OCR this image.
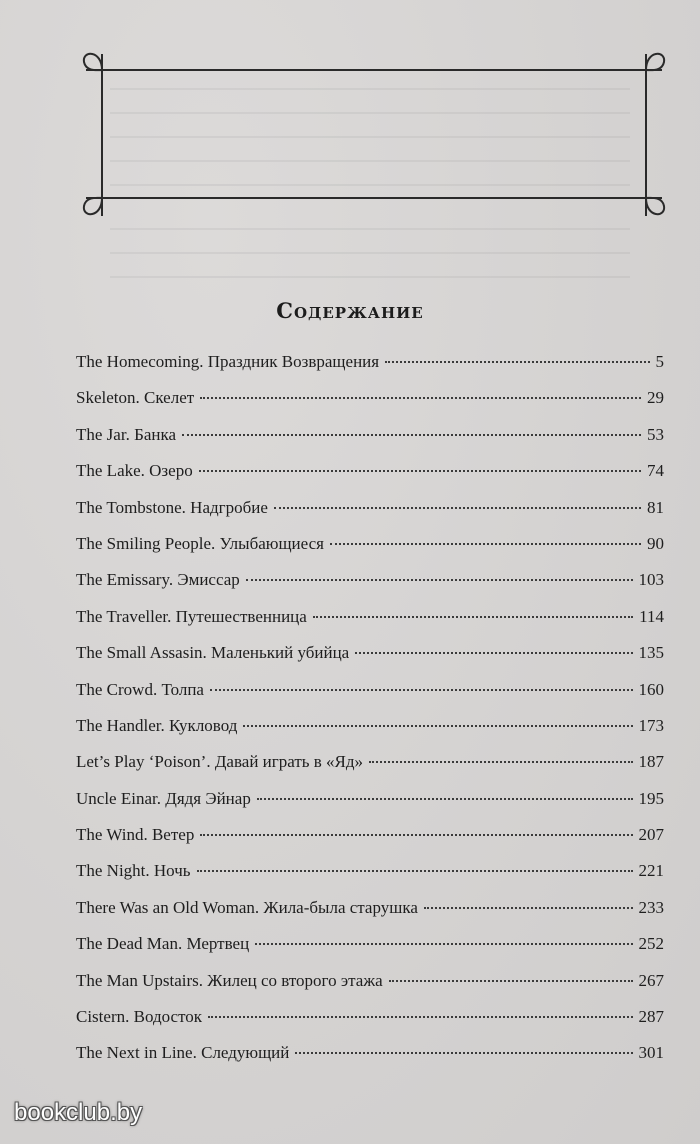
Содержание
The Homecoming. Праздник Возвращения	5
Skeleton. Скелет	29
The Jar. Банка	53
The Lake. Озеро	74
The Tombstone. Надгробие	81
The Smiling People. Улыбающиеся	90
The Emissary. Эмиссар	103
The Traveller. Путешественница	114
The Small Assasin. Маленький убийца	135
The Crowd. Толпа	160
The Handler. Кукловод	173
Let’s Play ‘Poison’. Давай играть в «Яд»	187
Uncle Einar. Дядя Эйнар	195
The Wind. Ветер	207
The Night. Ночь	221
There Was an Old Woman. Жила-была старушка	233
The Dead Man. Мертвец	252
The Man Upstairs. Жилец со второго этажа	267
Cistern. Водосток	287
The Next in Line. Следующий	301
bookclub.by
